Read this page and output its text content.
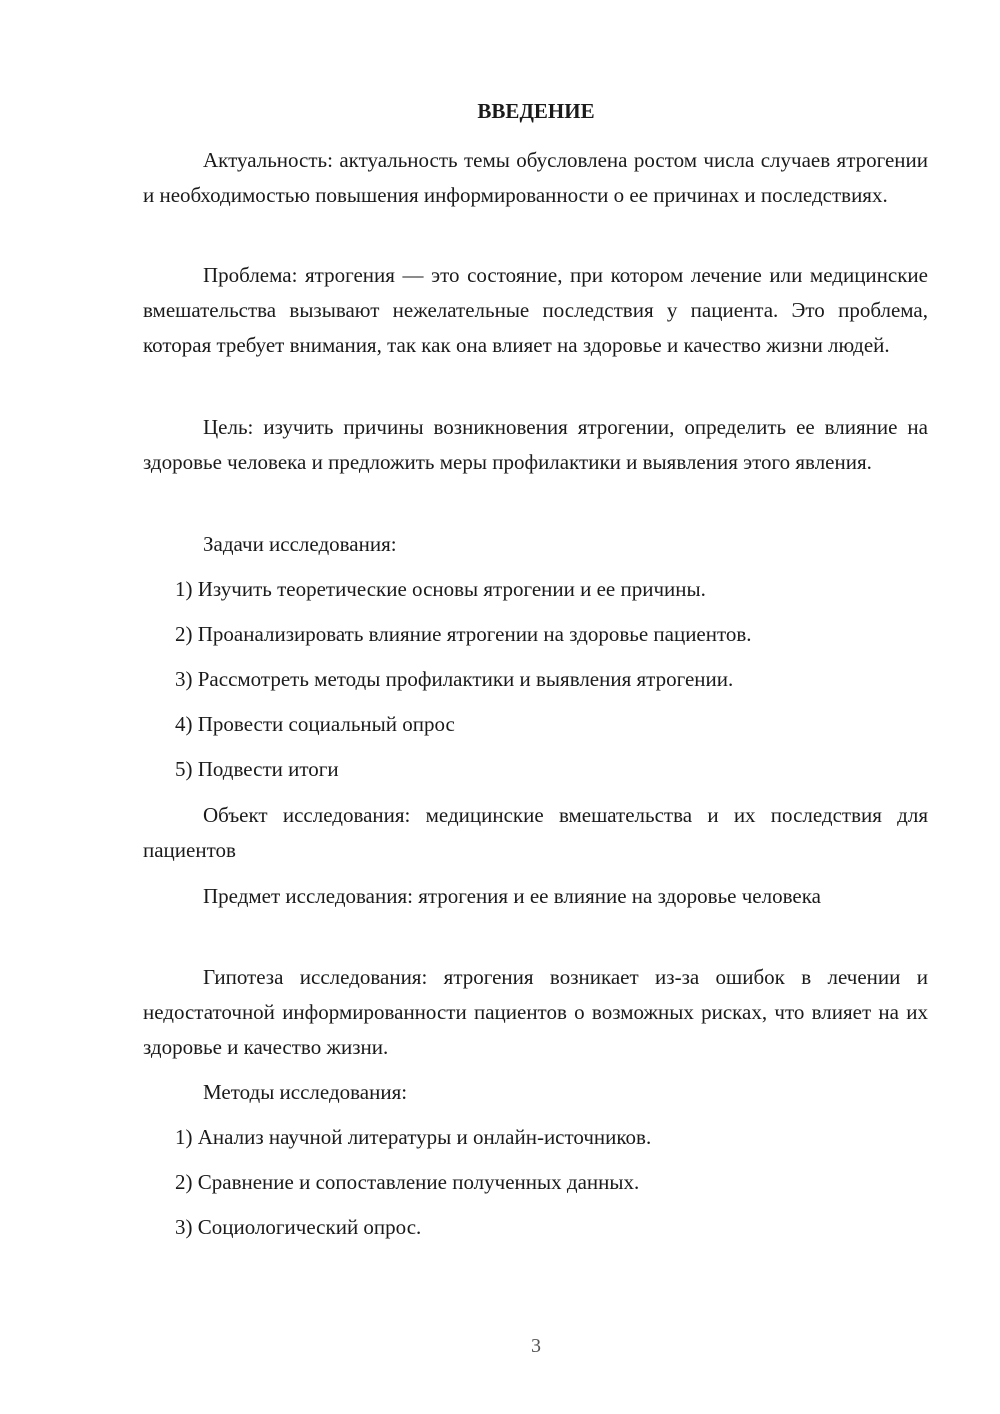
ВВЕДЕНИЕ

Актуальность: актуальность темы обусловлена ростом числа случаев ятрогении и необходимостью повышения информированности о ее причинах и последствиях.

Проблема: ятрогения — это состояние, при котором лечение или медицинские вмешательства вызывают нежелательные последствия у пациента. Это проблема, которая требует внимания, так как она влияет на здоровье и качество жизни людей.

Цель: изучить причины возникновения ятрогении, определить ее влияние на здоровье человека и предложить меры профилактики и выявления этого явления.

Задачи исследования:

1) Изучить теоретические основы ятрогении и ее причины.

2) Проанализировать влияние ятрогении на здоровье пациентов.

3) Рассмотреть методы профилактики и выявления ятрогении.

4) Провести социальный опрос

5) Подвести итоги

Объект исследования: медицинские вмешательства и их последствия для пациентов

Предмет исследования: ятрогения и ее влияние на здоровье человека

Гипотеза исследования: ятрогения возникает из-за ошибок в лечении и недостаточной информированности пациентов о возможных рисках, что влияет на их здоровье и качество жизни.

Методы исследования:

1) Анализ научной литературы и онлайн-источников.

2) Сравнение и сопоставление полученных данных.

3) Социологический опрос.

3
